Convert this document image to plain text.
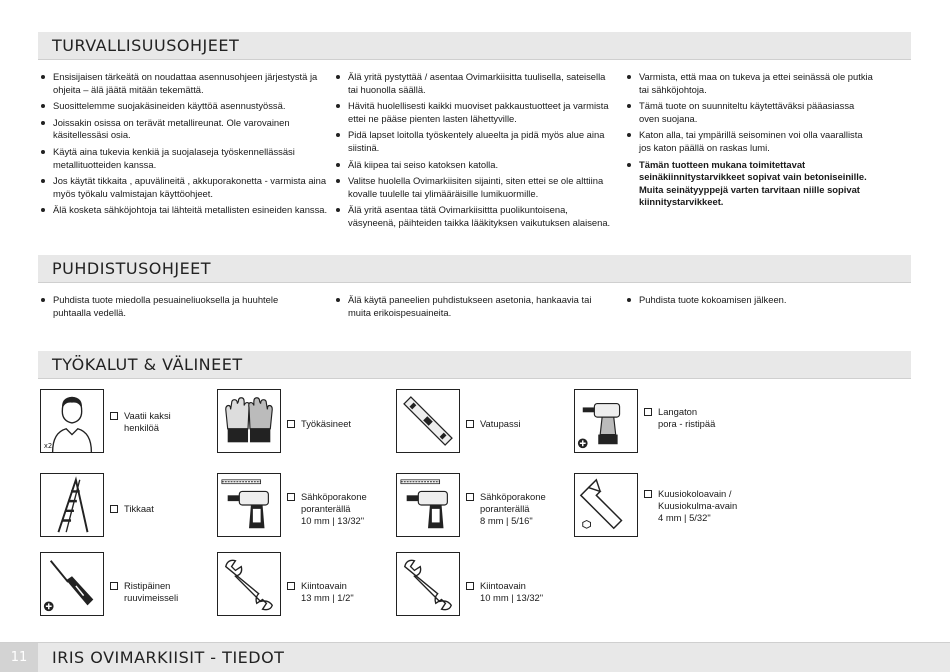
TURVALLISUUSOHJEET
Ensisijaisen tärkeätä on noudattaa asennusohjeen järjestystä ja ohjeita – älä jäätä mitään tekemättä.
Suosittelemme suojakäsineiden käyttöä asennustyössä.
Joissakin osissa on terävät metallireunat. Ole varovainen käsitellessäsi osia.
Käytä aina tukevia kenkiä ja suojalaseja työskennellässäsi metallituotteiden kanssa.
Jos käytät tikkaita , apuvälineitä , akkuporakonetta - varmista aina myös työkalu valmistajan käyttöohjeet.
Älä kosketa sähköjohtoja tai lähteitä metallisten esineiden kanssa.
Älä yritä pystyttää / asentaa Ovimarkiisitta tuulisella, sateisella tai huonolla säällä.
Hävitä huolellisesti kaikki muoviset pakkaustuotteet ja varmista ettei ne pääse pienten lasten lähettyville.
Pidä lapset loitolla työskentely alueelta ja pidä myös alue aina siistinä.
Älä kiipea tai seiso katoksen katolla.
Valitse huolella Ovimarkiisiten sijainti, siten ettei se ole alttiina kovalle tuulelle tai ylimääräisille lumikuormille.
Älä yritä asentaa tätä Ovimarkiisittta puolikuntoisena, väsyneenä, päihteiden taikka lääkityksen vaikutuksen alaisena.
Varmista, että maa on tukeva ja ettei seinässä ole putkia tai sähköjohtoja.
Tämä tuote on suunniteltu käytettäväksi pääasiassa oven suojana.
Katon alla, tai ympärillä seisominen voi olla vaarallista jos katon päällä on raskas lumi.
Tämän tuotteen mukana toimitettavat seinäkiinnitystarvikkeet sopivat vain betoniseinille. Muita seinätyyppejä varten tarvitaan niille sopivat kiinnitystarvikkeet.
PUHDISTUSOHJEET
Puhdista tuote miedolla pesuaineliuoksella ja huuhtele puhtaalla vedellä.
Älä käytä paneelien puhdistukseen asetonia, hankaavia tai muita erikoispesuaineita.
Puhdista tuote kokoamisen jälkeen.
TYÖKALUT & VÄLINEET
x2
Vaatii kaksi
henkilöä	Työkäsineet	Vatupassi
Langaton
pora - ristipää
Tikkaat
Sähköporakone
poranterällä
10 mm | 13/32"
Sähköporakone
poranterällä
8 mm | 5/16"
Kuusiokoloavain /
Kuusiokulma-avain
4 mm | 5/32"
Ristipäinen
ruuvimeisseli
Kiintoavain
13 mm | 1/2"
Kiintoavain
10 mm | 13/32"
11	IRIS OVIMARKIISIT - TIEDOT
